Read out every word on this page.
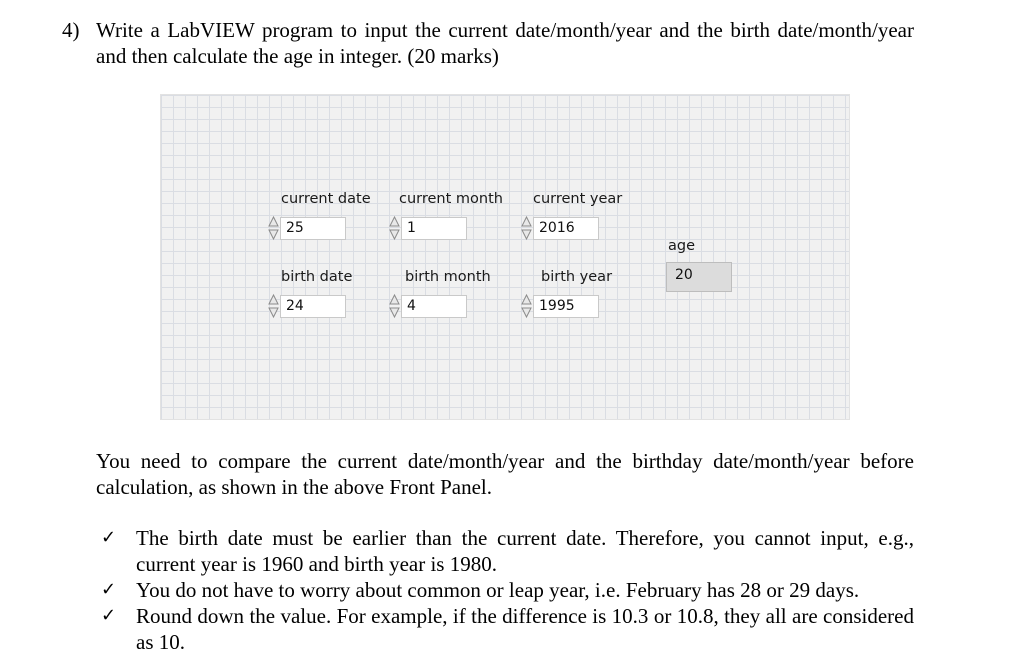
4) Write a LabVIEW program to input the current date/month/year and the birth date/month/year and then calculate the age in integer. (20 marks)
current date current month current year
25	1	2016
age
20
birth date	birth month	birth year
24	4	1995
You need to compare the current date/month/year and the birthday date/month/year before calculation, as shown in the above Front Panel.
✓ The birth date must be earlier than the current date. Therefore, you cannot input, e.g., current year is 1960 and birth year is 1980.
✓ You do not have to worry about common or leap year, i.e. February has 28 or 29 days.
✓ Round down the value. For example, if the difference is 10.3 or 10.8, they all are considered as 10.
